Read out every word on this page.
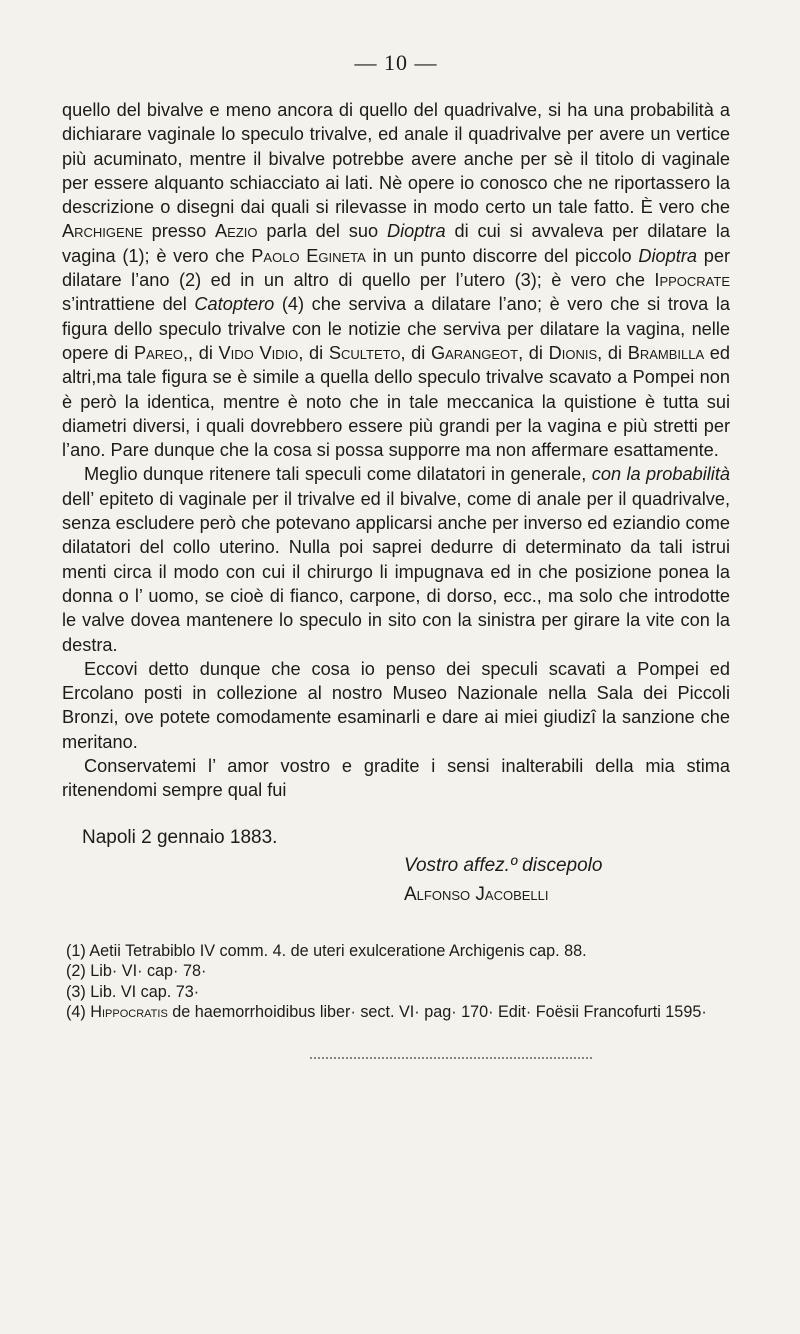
— 10 —

quello del bivalve e meno ancora di quello del quadrivalve, si ha una probabilità a dichiarare vaginale lo speculo trivalve, ed anale il quadrivalve per avere un vertice più acuminato, mentre il bivalve potrebbe avere anche per sè il titolo di vaginale per essere alquanto schiacciato ai lati. Nè opere io conosco che ne riportassero la descrizione o disegni dai quali si rilevasse in modo certo un tale fatto. È vero che Archigene presso Aezio parla del suo Dioptra di cui si avvaleva per dilatare la vagina (1); è vero che Paolo Egineta in un punto discorre del piccolo Dioptra per dilatare l’ano (2) ed in un altro di quello per l’utero (3); è vero che Ippocrate s’intrattiene del Catoptero (4) che serviva a dilatare l’ano; è vero che si trova la figura dello speculo trivalve con le notizie che serviva per dilatare la vagina, nelle opere di Pareo,, di Vido Vidio, di Sculteto, di Garangeot, di Dionis, di Brambilla ed altri,ma tale figura se è simile a quella dello speculo trivalve scavato a Pompei non è però la identica, mentre è noto che in tale meccanica la quistione è tutta sui diametri diversi, i quali dovrebbero essere più grandi per la vagina e più stretti per l’ano. Pare dunque che la cosa si possa supporre ma non affermare esattamente.

Meglio dunque ritenere tali speculi come dilatatori in generale, con la probabilità dell’ epiteto di vaginale per il trivalve ed il bivalve, come di anale per il quadrivalve, senza escludere però che potevano applicarsi anche per inverso ed eziandio come dilatatori del collo uterino. Nulla poi saprei dedurre di determinato da tali istrui menti circa il modo con cui il chirurgo li impugnava ed in che posizione ponea la donna o l’ uomo, se cioè di fianco, carpone, di dorso, ecc., ma solo che introdotte le valve dovea mantenere lo speculo in sito con la sinistra per girare la vite con la destra.

Eccovi detto dunque che cosa io penso dei speculi scavati a Pompei ed Ercolano posti in collezione al nostro Museo Nazionale nella Sala dei Piccoli Bronzi, ove potete comodamente esaminarli e dare ai miei giudizî la sanzione che meritano.

Conservatemi l’ amor vostro e gradite i sensi inalterabili della mia stima ritenendomi sempre qual fui

Napoli 2 gennaio 1883.
Vostro affez.º discepolo
Alfonso Jacobelli

(1) Aetii Tetrabiblo IV comm. 4. de uteri exulceratione Archigenis cap. 88.

(2) Lib· VI· cap· 78·

(3) Lib. VI cap. 73·

(4) Hippocratis de haemorrhoidibus liber· sect. VI· pag· 170· Edit· Foësii Francofurti 1595·
